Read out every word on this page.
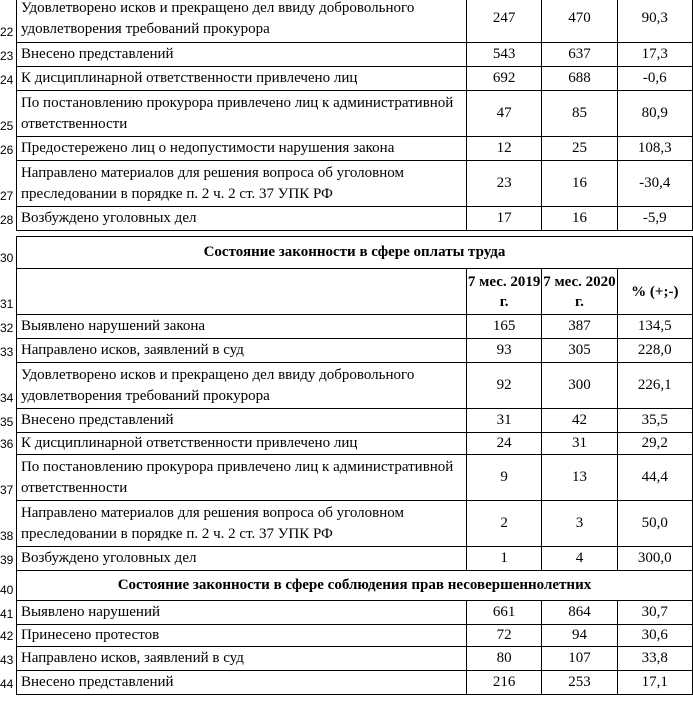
22	Удовлетворено исков и прекращено дел ввиду добровольного удовлетворения требований прокурора	247	470	90,3
23	Внесено представлений	543	637	17,3
24	К дисциплинарной ответственности привлечено лиц	692	688	-0,6
25	По постановлению прокурора привлечено лиц к административной ответственности	47	85	80,9
26	Предостережено лиц о недопустимости нарушения закона	12	25	108,3
27	Направлено материалов для решения вопроса об уголовном преследовании в порядке п. 2 ч. 2 ст. 37 УПК РФ	23	16	-30,4
28	Возбуждено уголовных дел	17	16	-5,9

30	Состояние законности в сфере оплаты труда			
31		7 мес. 2019 г.	7 мес. 2020 г.	% (+;-)
32	Выявлено нарушений закона	165	387	134,5
33	Направлено исков, заявлений в суд	93	305	228,0
34	Удовлетворено исков и прекращено дел ввиду добровольного удовлетворения требований прокурора	92	300	226,1
35	Внесено представлений	31	42	35,5
36	К дисциплинарной ответственности привлечено лиц	24	31	29,2
37	По постановлению прокурора привлечено лиц к административной ответственности	9	13	44,4
38	Направлено материалов для решения вопроса об уголовном преследовании в порядке п. 2 ч. 2 ст. 37 УПК РФ	2	3	50,0
39	Возбуждено уголовных дел	1	4	300,0
40	Состояние законности в сфере соблюдения прав несовершеннолетних			
41	Выявлено нарушений	661	864	30,7
42	Принесено протестов	72	94	30,6
43	Направлено исков, заявлений в суд	80	107	33,8
44	Внесено представлений	216	253	17,1
